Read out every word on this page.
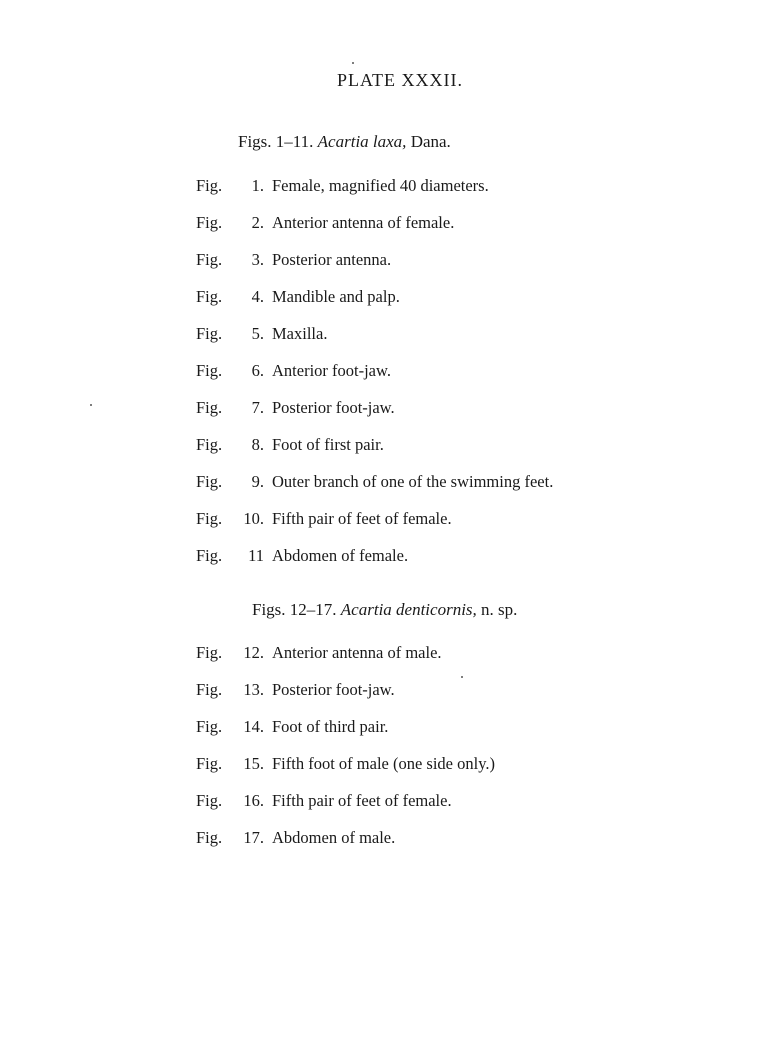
PLATE XXXII.
Figs. 1–11. Acartia laxa, Dana.
Fig.	1. Female, magnified 40 diameters.
Fig.	2. Anterior antenna of female.
Fig.	3. Posterior antenna.
Fig.	4. Mandible and palp.
Fig.	5. Maxilla.
Fig.	6. Anterior foot-jaw.
Fig.	7. Posterior foot-jaw.
Fig.	8. Foot of first pair.
Fig.	9. Outer branch of one of the swimming feet.
Fig.	10. Fifth pair of feet of female.
Fig.	11 Abdomen of female.
Figs. 12–17. Acartia denticornis, n. sp.
Fig.	12. Anterior antenna of male.
Fig.	13. Posterior foot-jaw.
Fig.	14. Foot of third pair.
Fig.	15. Fifth foot of male (one side only.)
Fig.	16. Fifth pair of feet of female.
Fig.	17. Abdomen of male.
